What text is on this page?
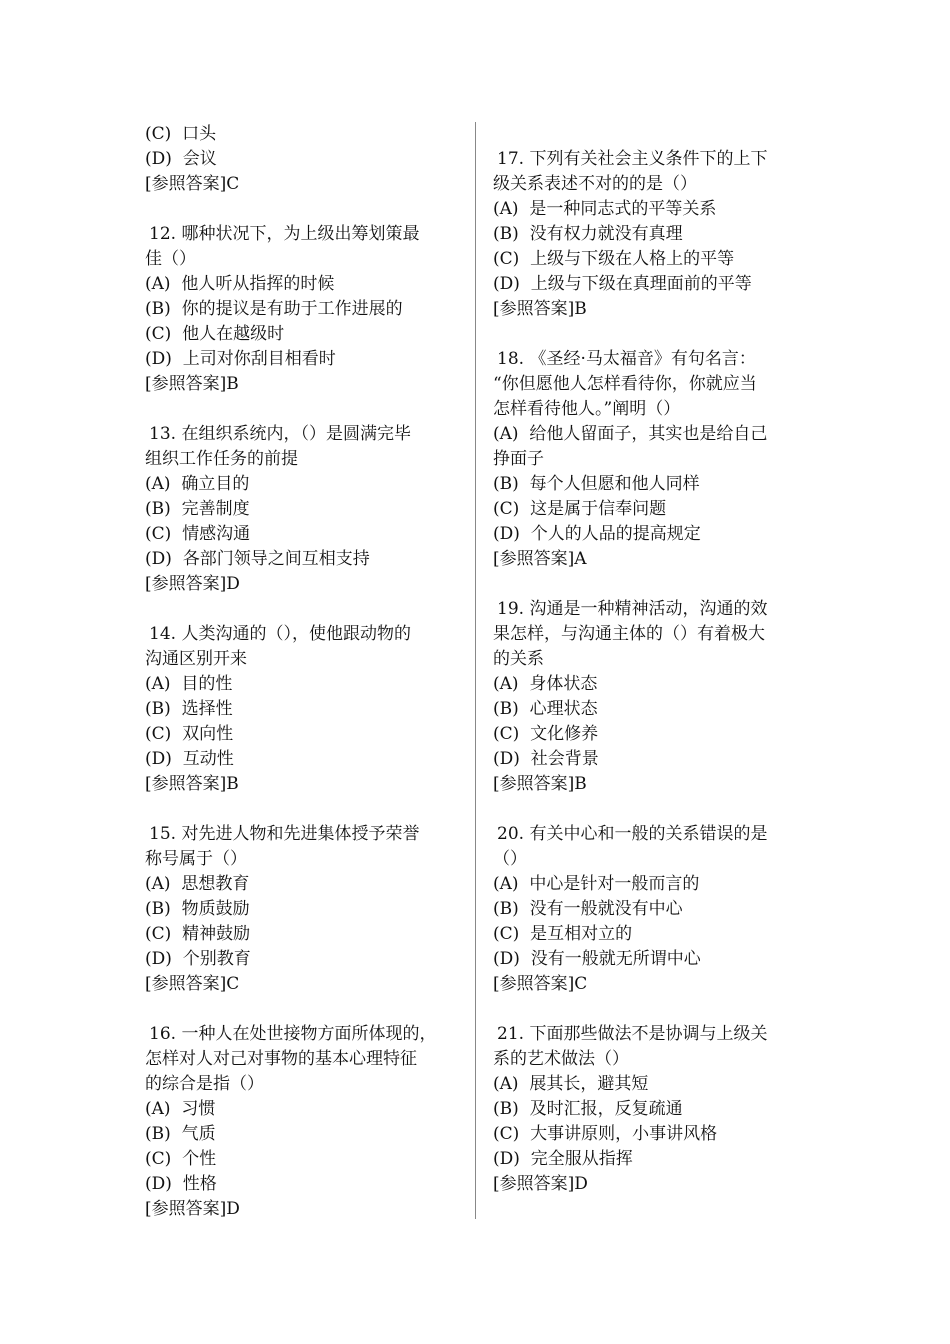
(C) 口头
(D) 会议
[参照答案]C
12. 哪种状况下，为上级出筹划策最
佳（）
(A) 他人听从指挥的时候
(B) 你的提议是有助于工作进展的
(C) 他人在越级时
(D) 上司对你刮目相看时
[参照答案]B
13. 在组织系统内，（）是圆满完毕
组织工作任务的前提
(A) 确立目的
(B) 完善制度
(C) 情感沟通
(D) 各部门领导之间互相支持
[参照答案]D
14. 人类沟通的（），使他跟动物的
沟通区别开来
(A) 目的性
(B) 选择性
(C) 双向性
(D) 互动性
[参照答案]B
15. 对先进人物和先进集体授予荣誉
称号属于（）
(A) 思想教育
(B) 物质鼓励
(C) 精神鼓励
(D) 个别教育
[参照答案]C
16. 一种人在处世接物方面所体现的，
怎样对人对己对事物的基本心理特征
的综合是指（）
(A) 习惯
(B) 气质
(C) 个性
(D) 性格
[参照答案]D
17. 下列有关社会主义条件下的上下
级关系表述不对的的是（）
(A) 是一种同志式的平等关系
(B) 没有权力就没有真理
(C) 上级与下级在人格上的平等
(D) 上级与下级在真理面前的平等
[参照答案]B
18. 《圣经·马太福音》有句名言：
“你但愿他人怎样看待你，你就应当
怎样看待他人。”阐明（）
(A) 给他人留面子，其实也是给自己
挣面子
(B) 每个人但愿和他人同样
(C) 这是属于信奉问题
(D) 个人的人品的提高规定
[参照答案]A
19. 沟通是一种精神活动，沟通的效
果怎样，与沟通主体的（）有着极大
的关系
(A) 身体状态
(B) 心理状态
(C) 文化修养
(D) 社会背景
[参照答案]B
20. 有关中心和一般的关系错误的是
（）
(A) 中心是针对一般而言的
(B) 没有一般就没有中心
(C) 是互相对立的
(D) 没有一般就无所谓中心
[参照答案]C
21. 下面那些做法不是协调与上级关
系的艺术做法（）
(A) 展其长，避其短
(B) 及时汇报，反复疏通
(C) 大事讲原则，小事讲风格
(D) 完全服从指挥
[参照答案]D
